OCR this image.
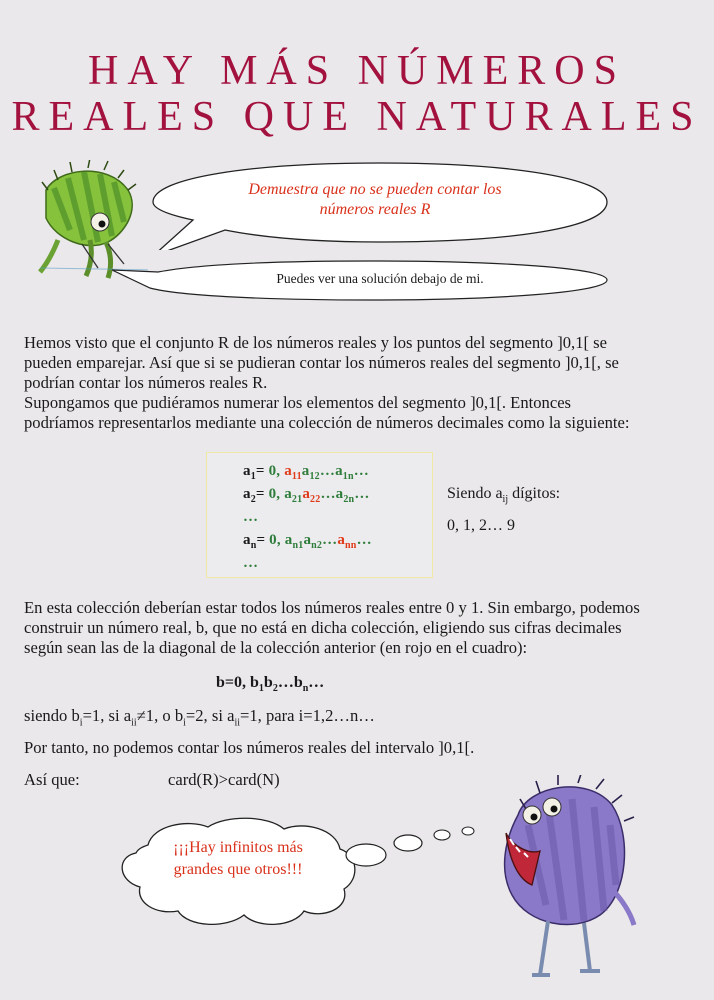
HAY MÁS NÚMEROS
REALES QUE NATURALES
Demuestra que no se pueden contar los
números reales R
Puedes ver una solución debajo de mi.
Hemos visto que el conjunto R de los números reales y los puntos del segmento ]0,1[ se
pueden emparejar. Así que si se pudieran contar los números reales del segmento ]0,1[, se
podrían contar los números reales R.
Supongamos que pudiéramos numerar los elementos del segmento ]0,1[. Entonces
podríamos representarlos mediante una colección de números decimales como la siguiente:
$a_1= 0$, $a_{11}a_{12}\dots a_{1n}\dots$
$a_2= 0$, $a_{21}a_{22}\dots a_{2n}\dots$
…
$a_n= 0$, $a_{n1}a_{n2}\dots a_{nn}\dots$
…
Siendo $a_{ij}$ dígitos:
0, 1, 2… 9
En esta colección deberían estar todos los números reales entre 0 y 1. Sin embargo, podemos
construir un número real, b, que no está en dicha colección, eligiendo sus cifras decimales
según sean las de la diagonal de la colección anterior (en rojo en el cuadro):
b=0, $b_1b_2\dots b_n\dots$
siendo $b_i=1$, si $a_{ii}\ne 1$, o $b_i=2$, si $a_{ii}=1$, para i=1,2…n…
Por tanto, no podemos contar los números reales del intervalo ]0,1[.
Así que:	card(R)>card(N)
¡¡¡Hay infinitos más
grandes que otros!!!
